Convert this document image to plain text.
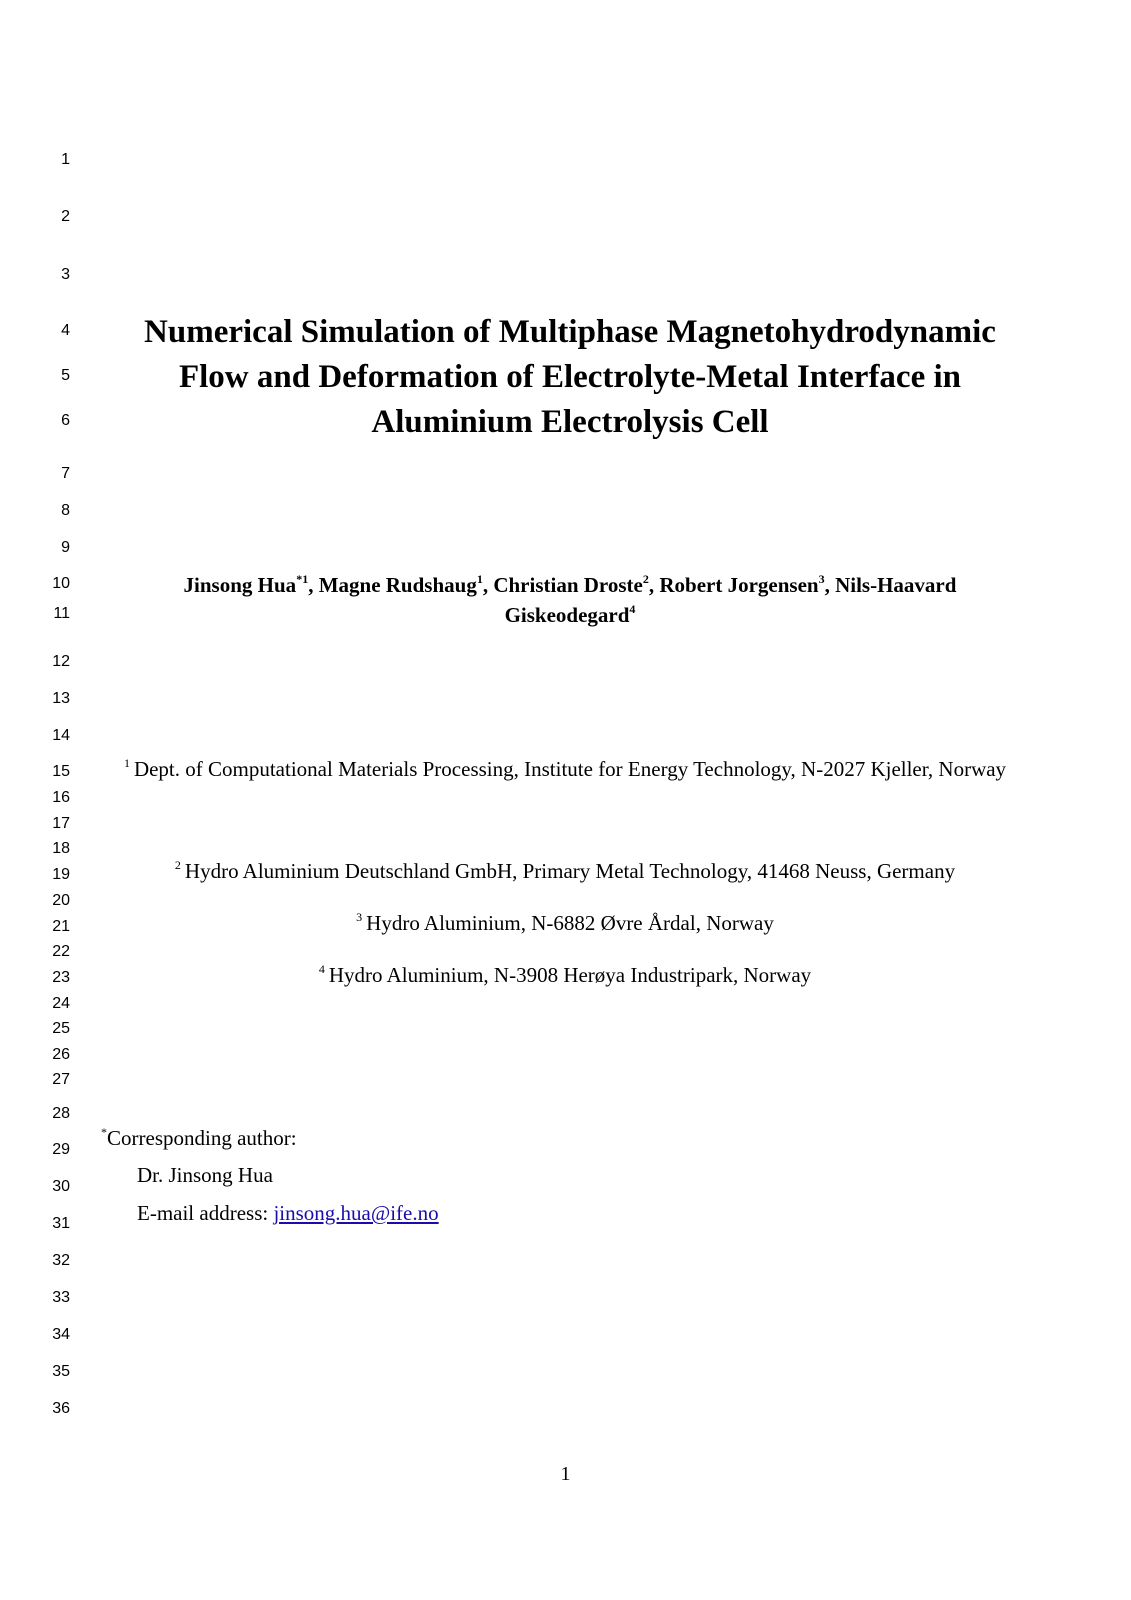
1
2
3
4
5
6
7
8
9
10
11
12
13
14
15
16
17
18
19
20
21
22
23
24
25
26
27
28
29
30
31
32
33
34
35
36
Numerical Simulation of Multiphase Magnetohydrodynamic
Flow and Deformation of Electrolyte-Metal Interface in
Aluminium Electrolysis Cell
Jinsong Hua$^{*1}$, Magne Rudshaug$^1$, Christian Droste$^2$, Robert Jorgensen$^3$, Nils-Haavard Giskeodegard$^4$
$^1$ Dept. of Computational Materials Processing, Institute for Energy Technology, N-2027 Kjeller, Norway
$^2$ Hydro Aluminium Deutschland GmbH, Primary Metal Technology, 41468 Neuss, Germany
$^3$ Hydro Aluminium, N-6882 Øvre Årdal, Norway
$^4$ Hydro Aluminium, N-3908 Herøya Industripark, Norway
*Corresponding author:
Dr. Jinsong Hua
E-mail address: jinsong.hua@ife.no
1
